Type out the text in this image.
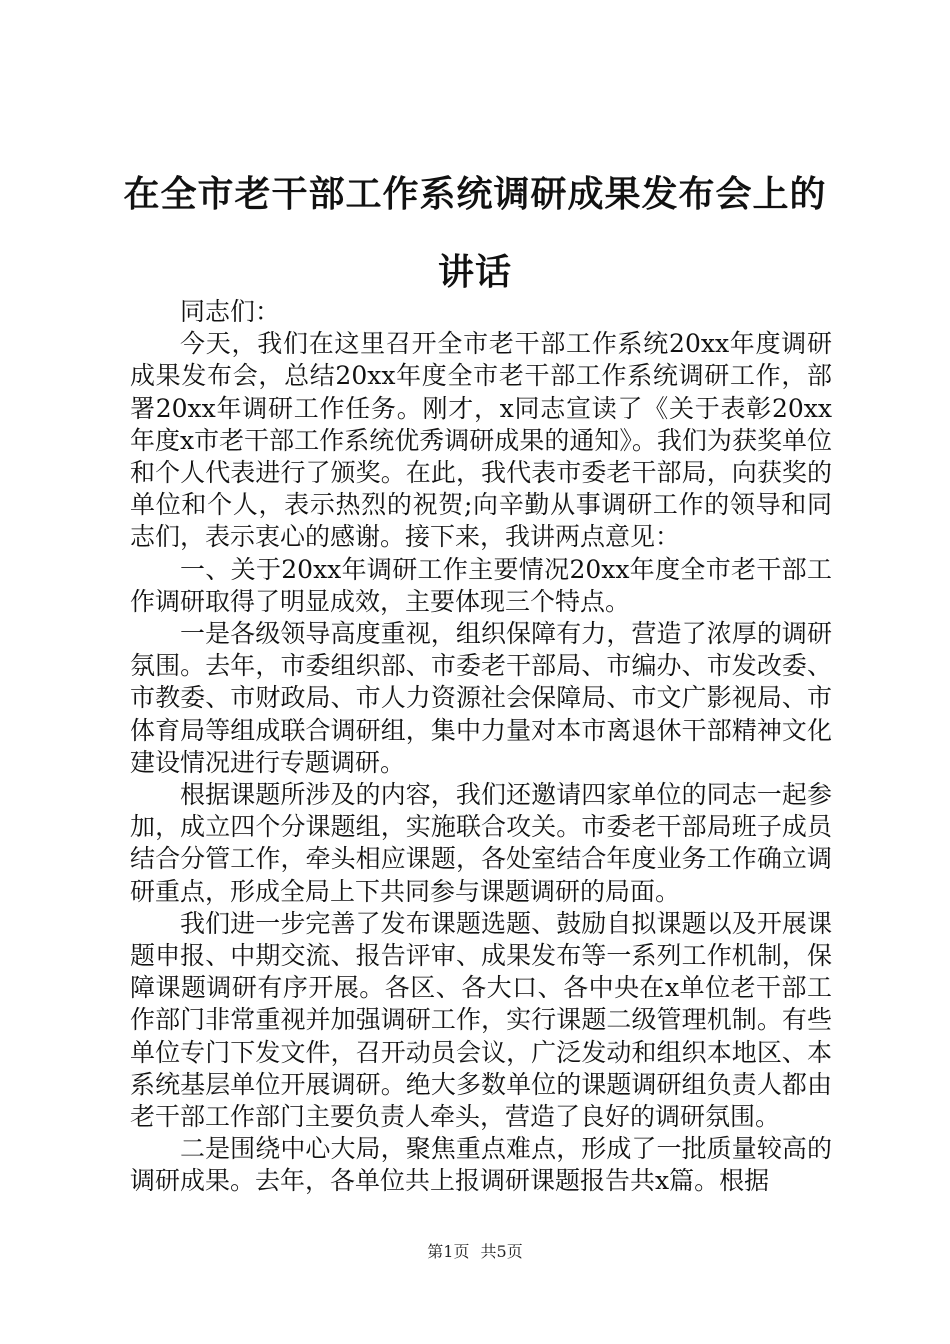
在全市老干部工作系统调研成果发布会上的讲话

同志们：

今天，我们在这里召开全市老干部工作系统20xx年度调研成果发布会，总结20xx年度全市老干部工作系统调研工作，部署20xx年调研工作任务。刚才，x同志宣读了《关于表彰20xx年度x市老干部工作系统优秀调研成果的通知》。我们为获奖单位和个人代表进行了颁奖。在此，我代表市委老干部局，向获奖的单位和个人，表示热烈的祝贺;向辛勤从事调研工作的领导和同志们，表示衷心的感谢。接下来，我讲两点意见：

一、关于20xx年调研工作主要情况20xx年度全市老干部工作调研取得了明显成效，主要体现三个特点。

一是各级领导高度重视，组织保障有力，营造了浓厚的调研氛围。去年，市委组织部、市委老干部局、市编办、市发改委、市教委、市财政局、市人力资源社会保障局、市文广影视局、市体育局等组成联合调研组，集中力量对本市离退休干部精神文化建设情况进行专题调研。

根据课题所涉及的内容，我们还邀请四家单位的同志一起参加，成立四个分课题组，实施联合攻关。市委老干部局班子成员结合分管工作，牵头相应课题，各处室结合年度业务工作确立调研重点，形成全局上下共同参与课题调研的局面。

我们进一步完善了发布课题选题、鼓励自拟课题以及开展课题申报、中期交流、报告评审、成果发布等一系列工作机制，保障课题调研有序开展。各区、各大口、各中央在x单位老干部工作部门非常重视并加强调研工作，实行课题二级管理机制。有些单位专门下发文件，召开动员会议，广泛发动和组织本地区、本系统基层单位开展调研。绝大多数单位的课题调研组负责人都由老干部工作部门主要负责人牵头，营造了良好的调研氛围。

二是围绕中心大局，聚焦重点难点，形成了一批质量较高的调研成果。去年，各单位共上报调研课题报告共x篇。根据

第1页 共5页
